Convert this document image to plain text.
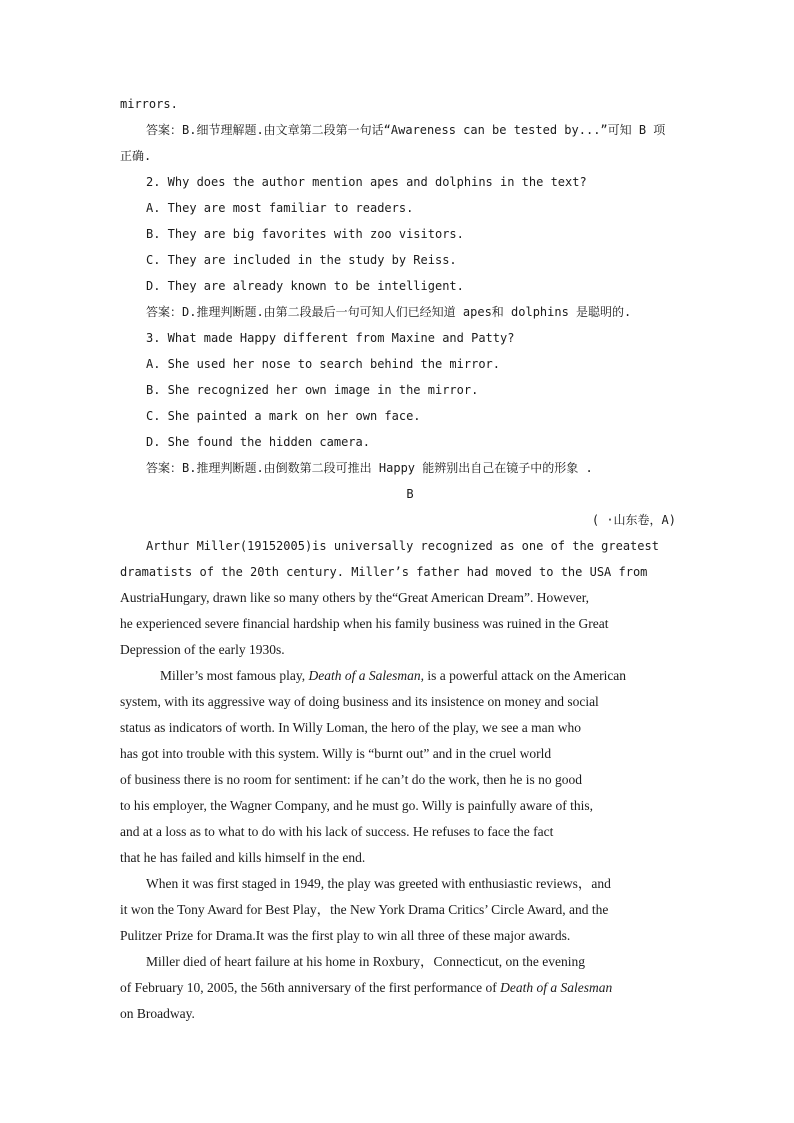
mirrors.
答案：B.细节理解题.由文章第二段第一句话“Awareness can be tested by...”可知 B 项
正确.
2. Why does the author mention apes and dolphins in the text?
A. They are most familiar to readers.
B. They are big favorites with zoo visitors.
C. They are included in the study by Reiss.
D. They are already known to be intelligent.
答案：D.推理判断题.由第二段最后一句可知人们已经知道 apes和 dolphins 是聪明的.
3. What made Happy different from Maxine and Patty?
A. She used her nose to search behind the mirror.
B. She recognized her own image in the mirror.
C. She painted a mark on her own face.
D. She found the hidden camera.
答案：B.推理判断题.由倒数第二段可推出 Happy 能辨别出自己在镜子中的形象 .
B
( ·山东卷，A)
Arthur Miller(19152005)is universally recognized as one of the greatest
dramatists of the 20th century. Miller’s father had moved to the USA from
AustriaHungary, drawn like so many others by the“Great American Dream”. However,
he experienced severe financial hardship when his family business was ruined in the Great
Depression of the early 1930s.
Miller’s most famous play, Death of a Salesman, is a powerful attack on the American
system, with its aggressive way of doing business and its insistence on money and social
status as indicators of worth. In Willy Loman, the hero of the play, we see a man who
has got into trouble with this system. Willy is “burnt out” and in the cruel world
of business there is no room for sentiment: if he can’t do the work, then he is no good
to his employer, the Wagner Company, and he must go. Willy is painfully aware of this,
and at a loss as to what to do with his lack of success. He refuses to face the fact
that he has failed and kills himself in the end.
When it was first staged in 1949, the play was greeted with enthusiastic reviews，and
it won the Tony Award for Best Play，the New York Drama Critics’ Circle Award, and the
Pulitzer Prize for Drama.It was the first play to win all three of these major awards.
Miller died of heart failure at his home in Roxbury，Connecticut, on the evening
of February 10, 2005, the 56th anniversary of the first performance of Death of a Salesman
on Broadway.
